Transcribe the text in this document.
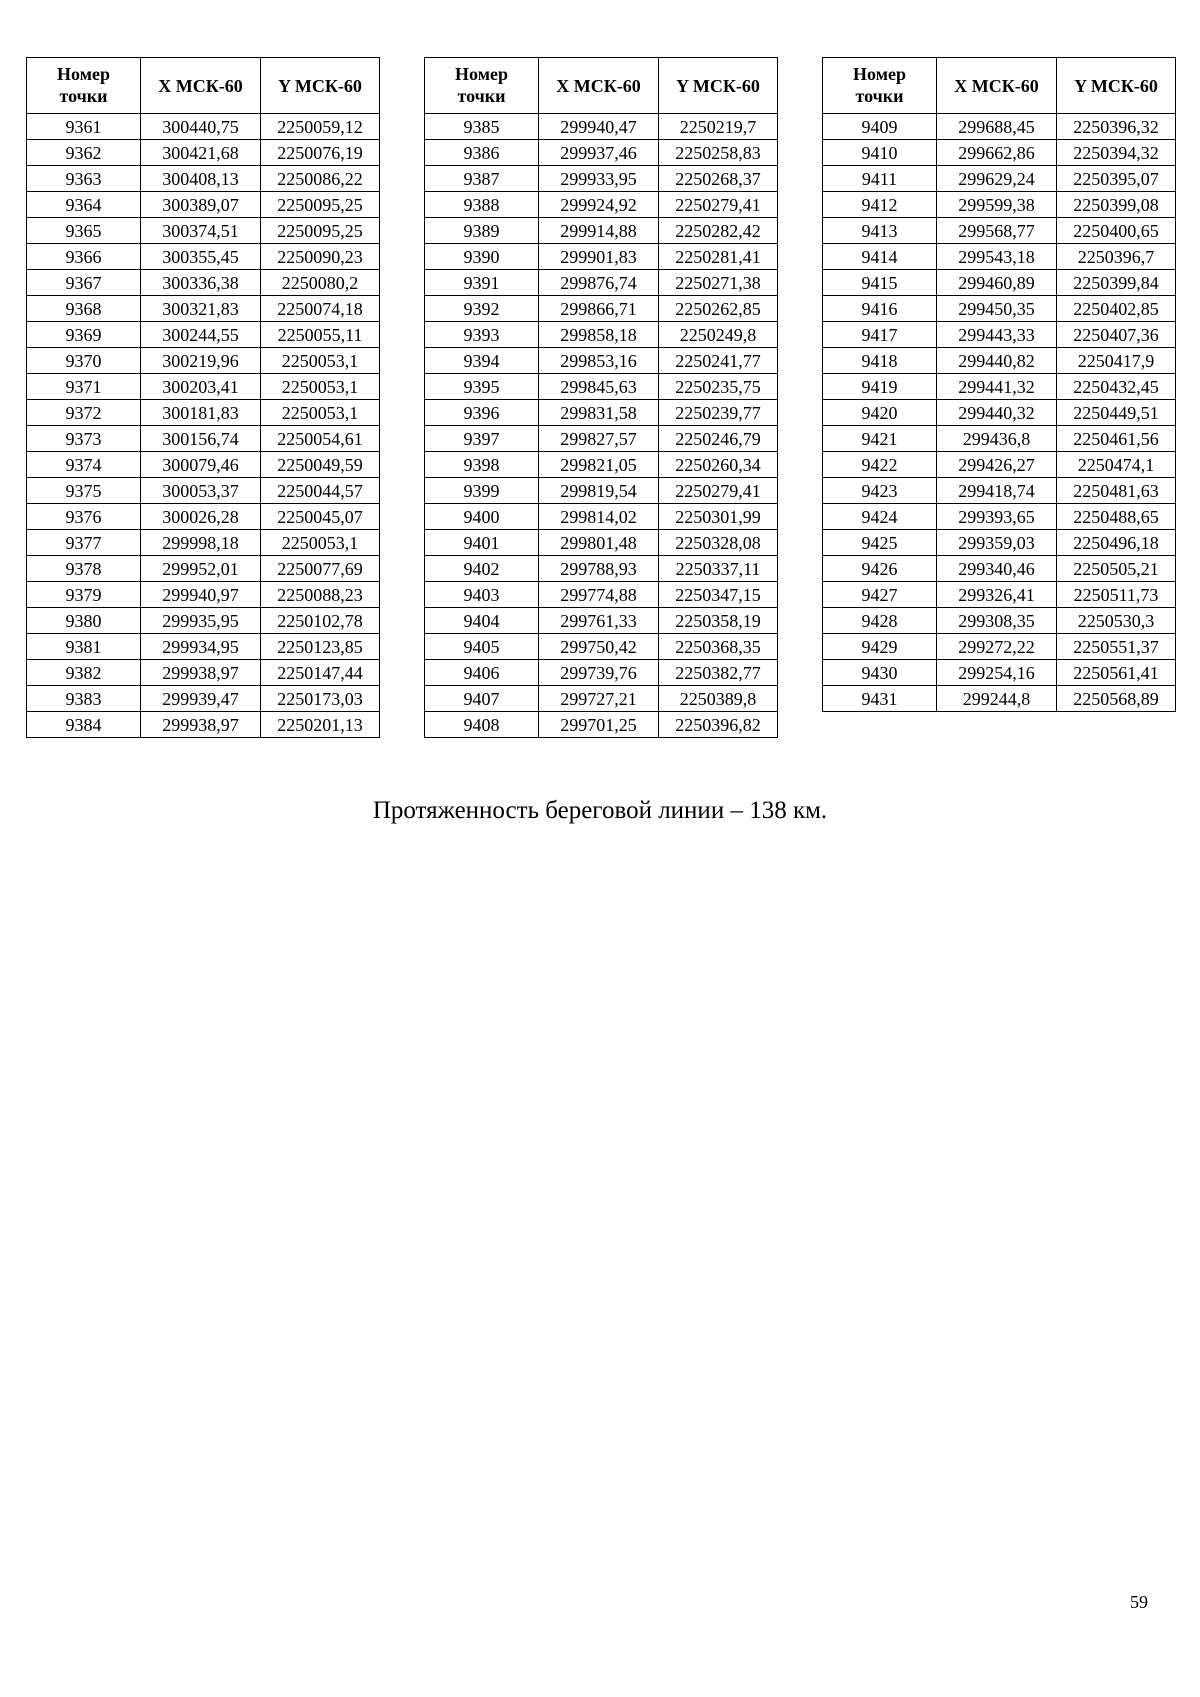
Номер
точки	X МСК-60	Y МСК-60
9361	300440,75	2250059,12
9362	300421,68	2250076,19
9363	300408,13	2250086,22
9364	300389,07	2250095,25
9365	300374,51	2250095,25
9366	300355,45	2250090,23
9367	300336,38	2250080,2
9368	300321,83	2250074,18
9369	300244,55	2250055,11
9370	300219,96	2250053,1
9371	300203,41	2250053,1
9372	300181,83	2250053,1
9373	300156,74	2250054,61
9374	300079,46	2250049,59
9375	300053,37	2250044,57
9376	300026,28	2250045,07
9377	299998,18	2250053,1
9378	299952,01	2250077,69
9379	299940,97	2250088,23
9380	299935,95	2250102,78
9381	299934,95	2250123,85
9382	299938,97	2250147,44
9383	299939,47	2250173,03
9384	299938,97	2250201,13
Номер
точки	X МСК-60	Y МСК-60
9385	299940,47	2250219,7
9386	299937,46	2250258,83
9387	299933,95	2250268,37
9388	299924,92	2250279,41
9389	299914,88	2250282,42
9390	299901,83	2250281,41
9391	299876,74	2250271,38
9392	299866,71	2250262,85
9393	299858,18	2250249,8
9394	299853,16	2250241,77
9395	299845,63	2250235,75
9396	299831,58	2250239,77
9397	299827,57	2250246,79
9398	299821,05	2250260,34
9399	299819,54	2250279,41
9400	299814,02	2250301,99
9401	299801,48	2250328,08
9402	299788,93	2250337,11
9403	299774,88	2250347,15
9404	299761,33	2250358,19
9405	299750,42	2250368,35
9406	299739,76	2250382,77
9407	299727,21	2250389,8
9408	299701,25	2250396,82
Номер
точки	X МСК-60	Y МСК-60
9409	299688,45	2250396,32
9410	299662,86	2250394,32
9411	299629,24	2250395,07
9412	299599,38	2250399,08
9413	299568,77	2250400,65
9414	299543,18	2250396,7
9415	299460,89	2250399,84
9416	299450,35	2250402,85
9417	299443,33	2250407,36
9418	299440,82	2250417,9
9419	299441,32	2250432,45
9420	299440,32	2250449,51
9421	299436,8	2250461,56
9422	299426,27	2250474,1
9423	299418,74	2250481,63
9424	299393,65	2250488,65
9425	299359,03	2250496,18
9426	299340,46	2250505,21
9427	299326,41	2250511,73
9428	299308,35	2250530,3
9429	299272,22	2250551,37
9430	299254,16	2250561,41
9431	299244,8	2250568,89
Протяженность береговой линии – 138 км.
59
